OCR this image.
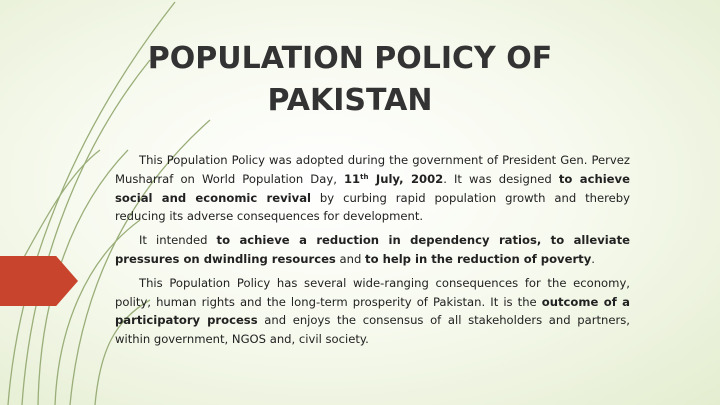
POPULATION POLICY OF
PAKISTAN

This Population Policy was adopted during the government of President Gen. Pervez Musharraf on World Population Day, 11th July, 2002. It was designed to achieve social and economic revival by curbing rapid population growth and thereby reducing its adverse consequences for development.

It intended to achieve a reduction in dependency ratios, to alleviate pressures on dwindling resources and to help in the reduction of poverty.

This Population Policy has several wide-ranging consequences for the economy, polity, human rights and the long-term prosperity of Pakistan. It is the outcome of a participatory process and enjoys the consensus of all stakeholders and partners, within government, NGOS and, civil society.
